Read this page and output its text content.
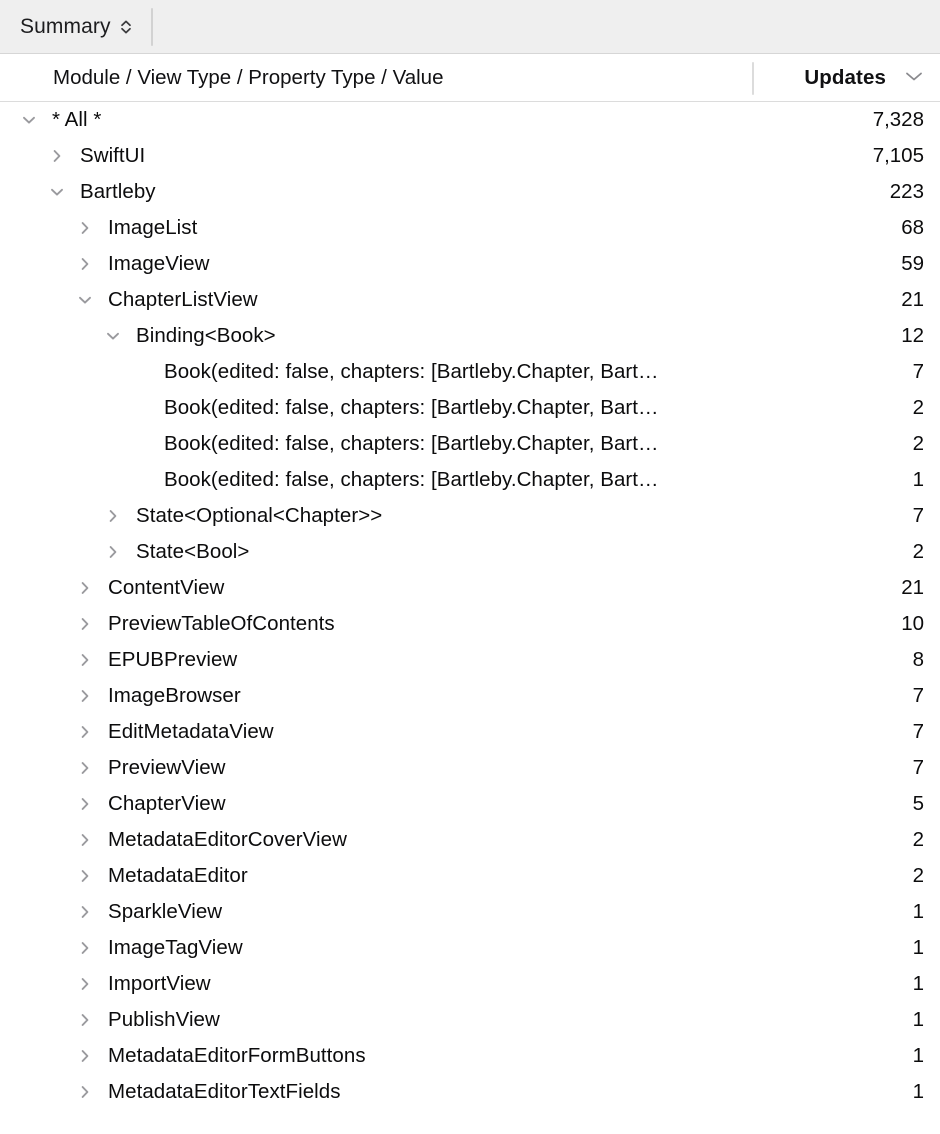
Summary
Module / View Type / Property Type / Value	Updates
* All *	7,328
SwiftUI	7,105
Bartleby	223
ImageList	68
ImageView	59
ChapterListView	21
Binding<Book>	12
Book(edited: false, chapters: [Bartleby.Chapter, Bart…	7
Book(edited: false, chapters: [Bartleby.Chapter, Bart…	2
Book(edited: false, chapters: [Bartleby.Chapter, Bart…	2
Book(edited: false, chapters: [Bartleby.Chapter, Bart…	1
State<Optional<Chapter>>	7
State<Bool>	2
ContentView	21
PreviewTableOfContents	10
EPUBPreview	8
ImageBrowser	7
EditMetadataView	7
PreviewView	7
ChapterView	5
MetadataEditorCoverView	2
MetadataEditor	2
SparkleView	1
ImageTagView	1
ImportView	1
PublishView	1
MetadataEditorFormButtons	1
MetadataEditorTextFields	1
